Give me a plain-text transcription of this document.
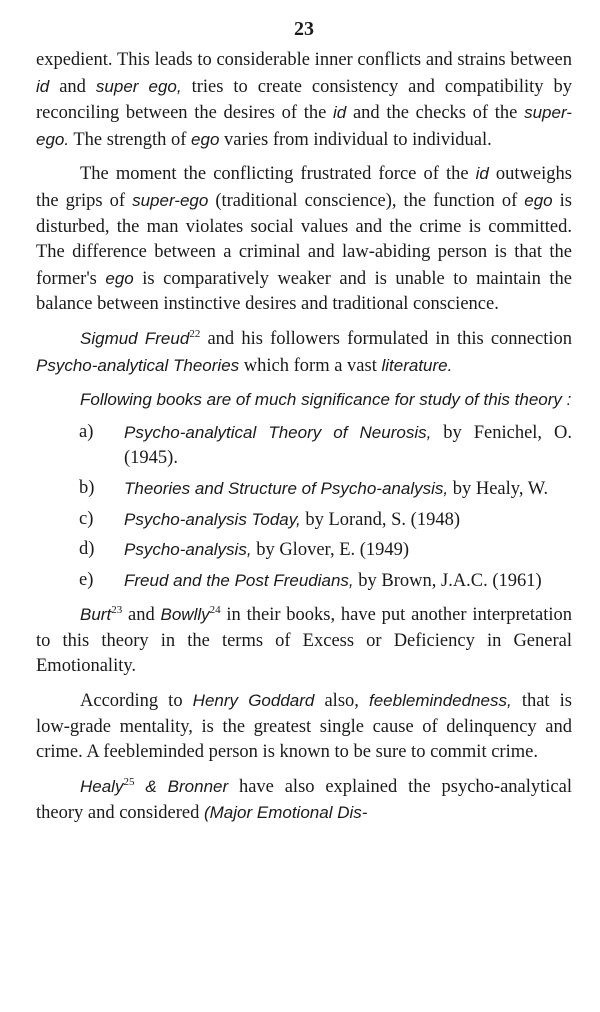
23

expedient. This leads to considerable inner conflicts and strains between id and super ego, tries to create consistency and compatibility by reconciling between the desires of the id and the checks of the super-ego. The strength of ego varies from individual to individual.

The moment the conflicting frustrated force of the id outweighs the grips of super-ego (traditional conscience), the function of ego is disturbed, the man violates social values and the crime is committed. The difference between a criminal and law-abiding person is that the former's ego is comparatively weaker and is unable to maintain the balance between instinctive desires and traditional conscience.

Sigmud Freud$^{22}$ and his followers formulated in this connection Psycho-analytical Theories which form a vast literature.

Following books are of much significance for study of this theory :

a) Psycho-analytical Theory of Neurosis, by Fenichel, O. (1945).
b) Theories and Structure of Psycho-analysis, by Healy, W.
c) Psycho-analysis Today, by Lorand, S. (1948)
d) Psycho-analysis, by Glover, E. (1949)
e) Freud and the Post Freudians, by Brown, J.A.C. (1961)

Burt$^{23}$ and Bowlly$^{24}$ in their books, have put another interpretation to this theory in the terms of Excess or Deficiency in General Emotionality.

According to Henry Goddard also, feeblemindedness, that is low-grade mentality, is the greatest single cause of delinquency and crime. A feebleminded person is known to be sure to commit crime.

Healy$^{25}$ & Bronner have also explained the psycho-analytical theory and considered (Major Emotional Dis-
